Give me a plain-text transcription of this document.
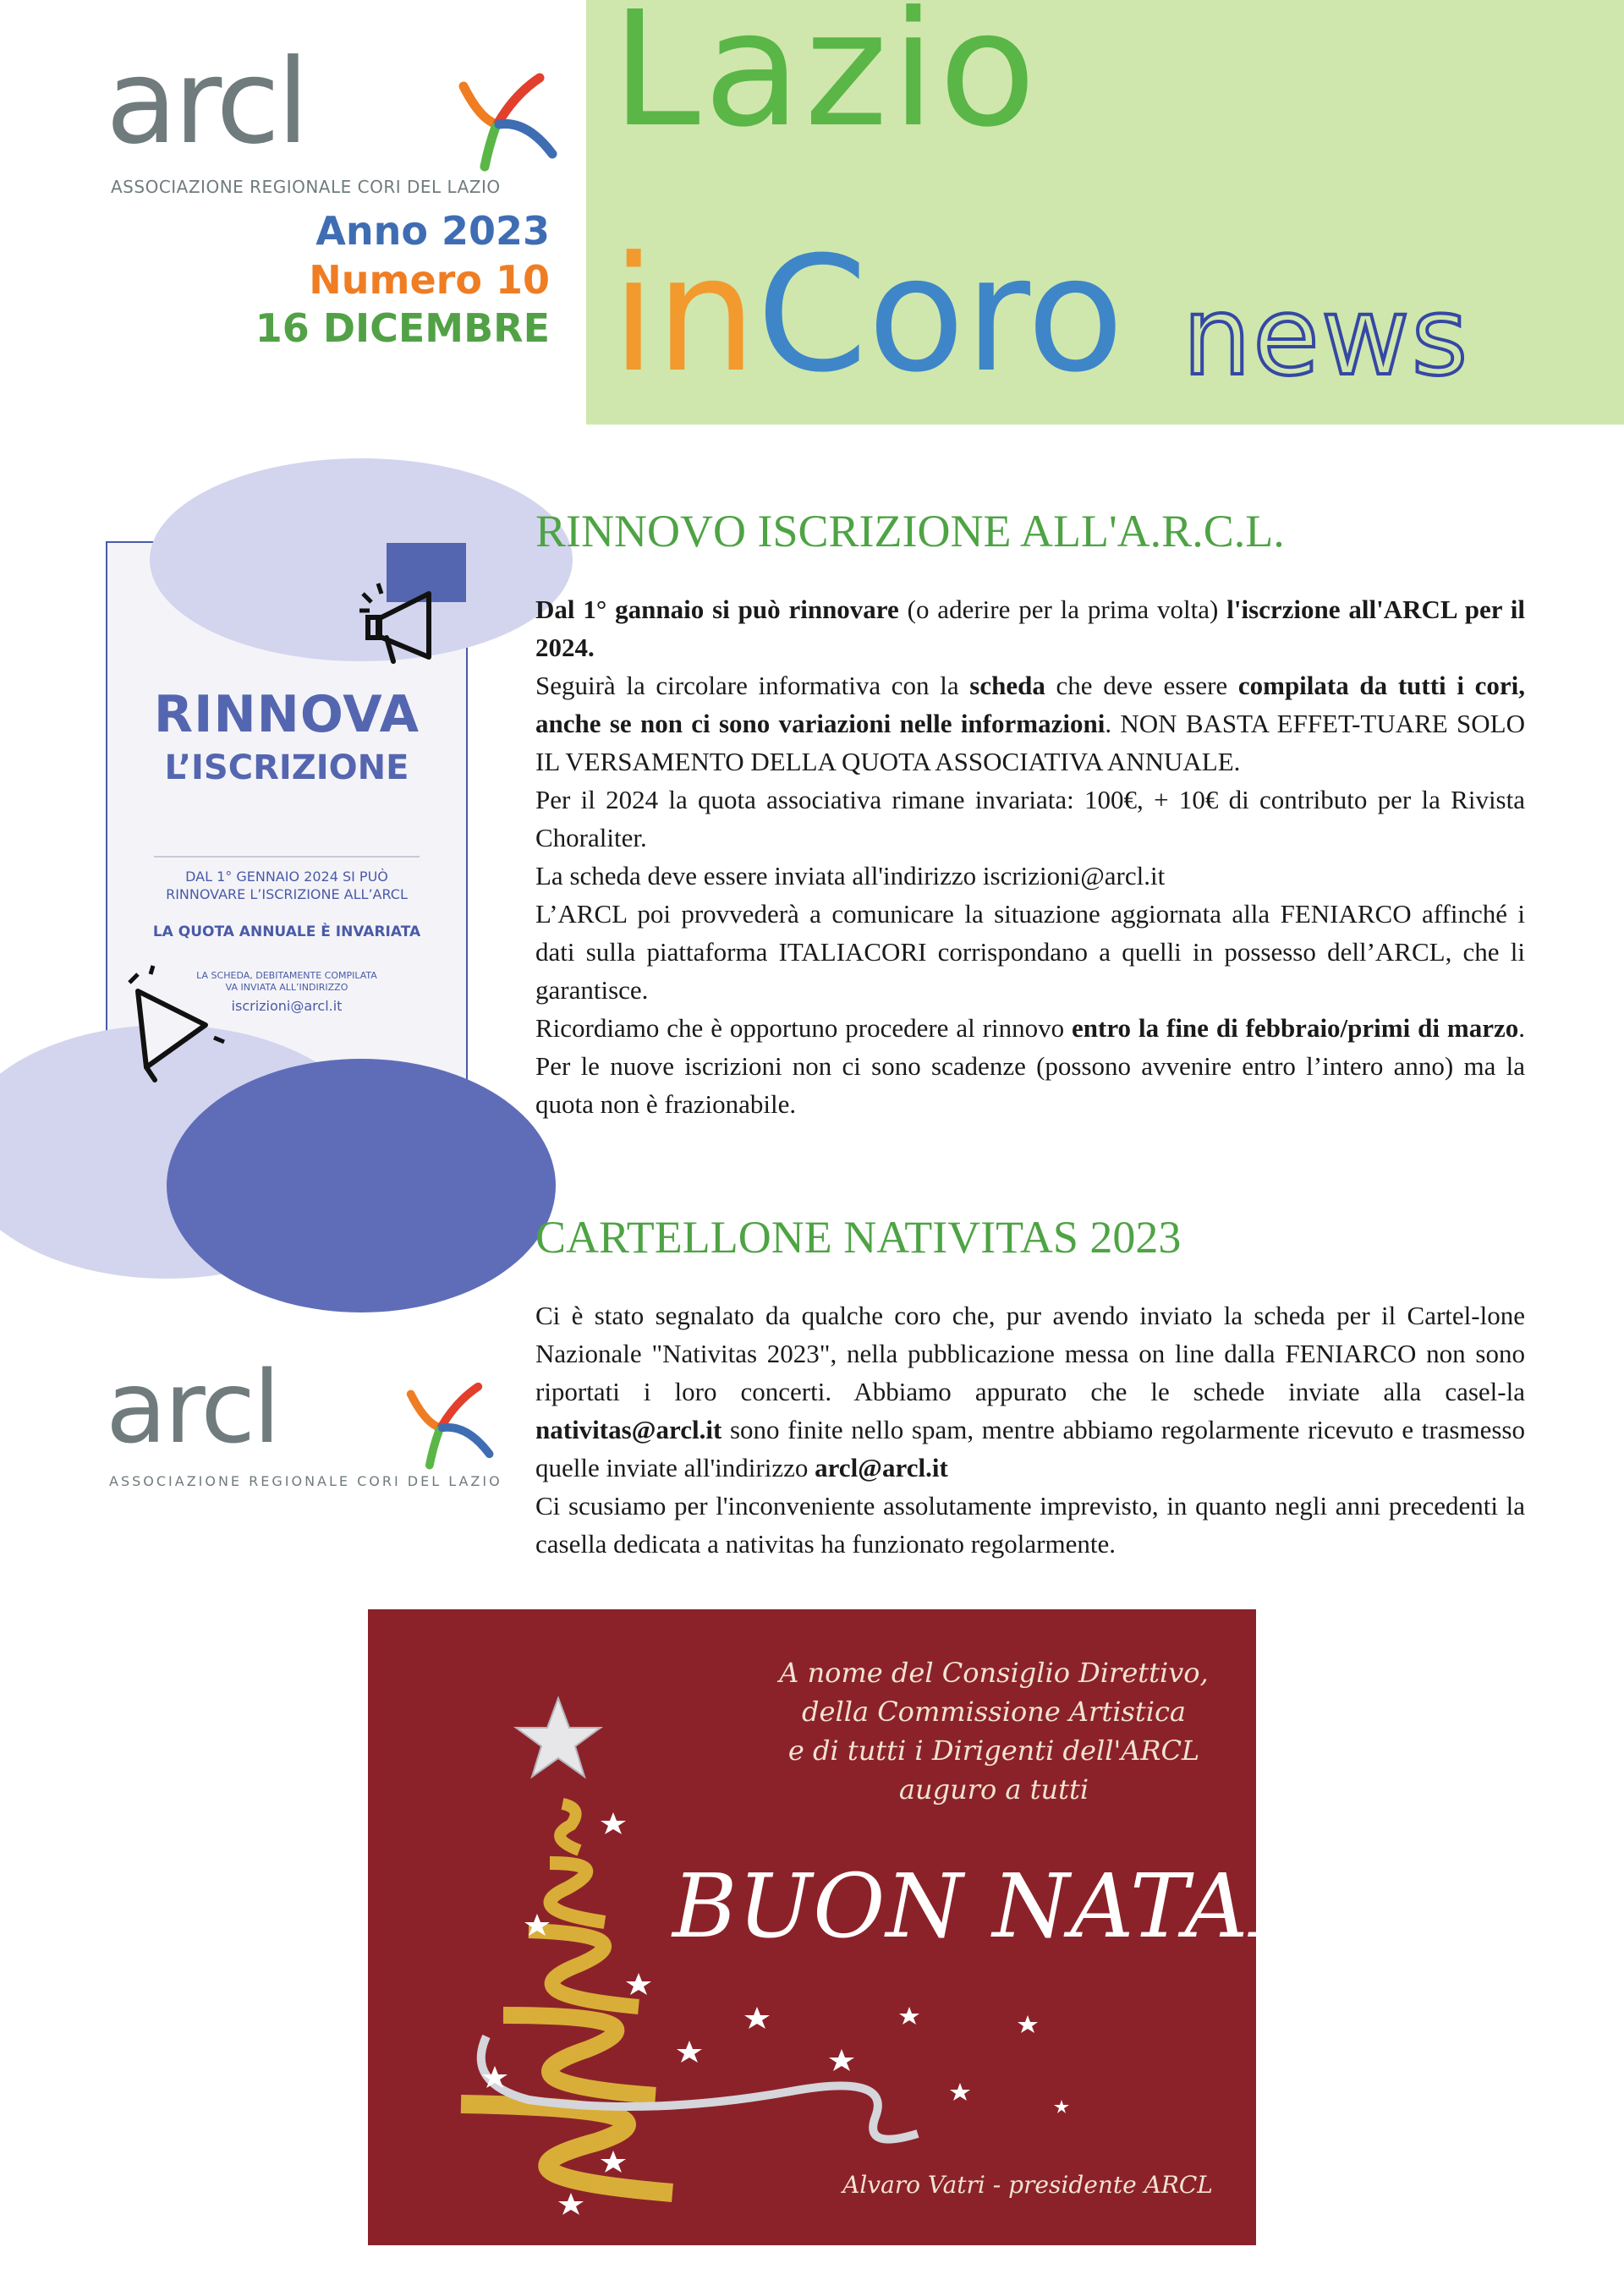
arcl
ASSOCIAZIONE REGIONALE CORI DEL LAZIO
Anno 2023
Numero 10
16 DICEMBRE
Lazio
inCoro news
RINNOVA
L’ISCRIZIONE
DAL 1° GENNAIO 2024 SI PUÒ
RINNOVARE L’ISCRIZIONE ALL’ARCL
LA QUOTA ANNUALE È INVARIATA
LA SCHEDA, DEBITAMENTE COMPILATA
VA INVIATA ALL’INDIRIZZO
iscrizioni@arcl.it
RINNOVO ISCRIZIONE ALL'A.R.C.L.

Dal 1° gannaio si può rinnovare (o aderire per la prima volta) l'iscrzione all'ARCL per il 2024.

Seguirà la circolare informativa con la scheda che deve essere compilata da tutti i cori, anche se non ci sono variazioni nelle informazioni. NON BASTA EFFET-TUARE SOLO IL VERSAMENTO DELLA QUOTA ASSOCIATIVA ANNUALE.

Per il 2024 la quota associativa rimane invariata: 100€, + 10€ di contributo per la Rivista Choraliter.

La scheda deve essere inviata all'indirizzo iscrizioni@arcl.it

L’ARCL poi provvederà a comunicare la situazione aggiornata alla FENIARCO affinché i dati sulla piattaforma ITALIACORI corrispondano a quelli in possesso dell’ARCL, che li garantisce.

Ricordiamo che è opportuno procedere al rinnovo entro la fine di febbraio/primi di marzo. Per le nuove iscrizioni non ci sono scadenze (possono avvenire entro l’intero anno) ma la quota non è frazionabile.

CARTELLONE NATIVITAS 2023
arcl
ASSOCIAZIONE REGIONALE CORI DEL LAZIO

Ci è stato segnalato da qualche coro che, pur avendo inviato la scheda per il Cartel-lone Nazionale "Nativitas 2023", nella pubblicazione messa on line dalla FENIARCO non sono riportati i loro concerti. Abbiamo appurato che le schede inviate alla casel-la nativitas@arcl.it sono finite nello spam, mentre abbiamo regolarmente ricevuto e trasmesso quelle inviate all'indirizzo arcl@arcl.it

Ci scusiamo per l'inconveniente assolutamente imprevisto, in quanto negli anni precedenti la casella dedicata a nativitas ha funzionato regolarmente.

A nome del Consiglio Direttivo,
della Commissione Artistica
e di tutti i Dirigenti dell'ARCL
auguro a tutti
BUON NATALE
Alvaro Vatri - presidente ARCL
